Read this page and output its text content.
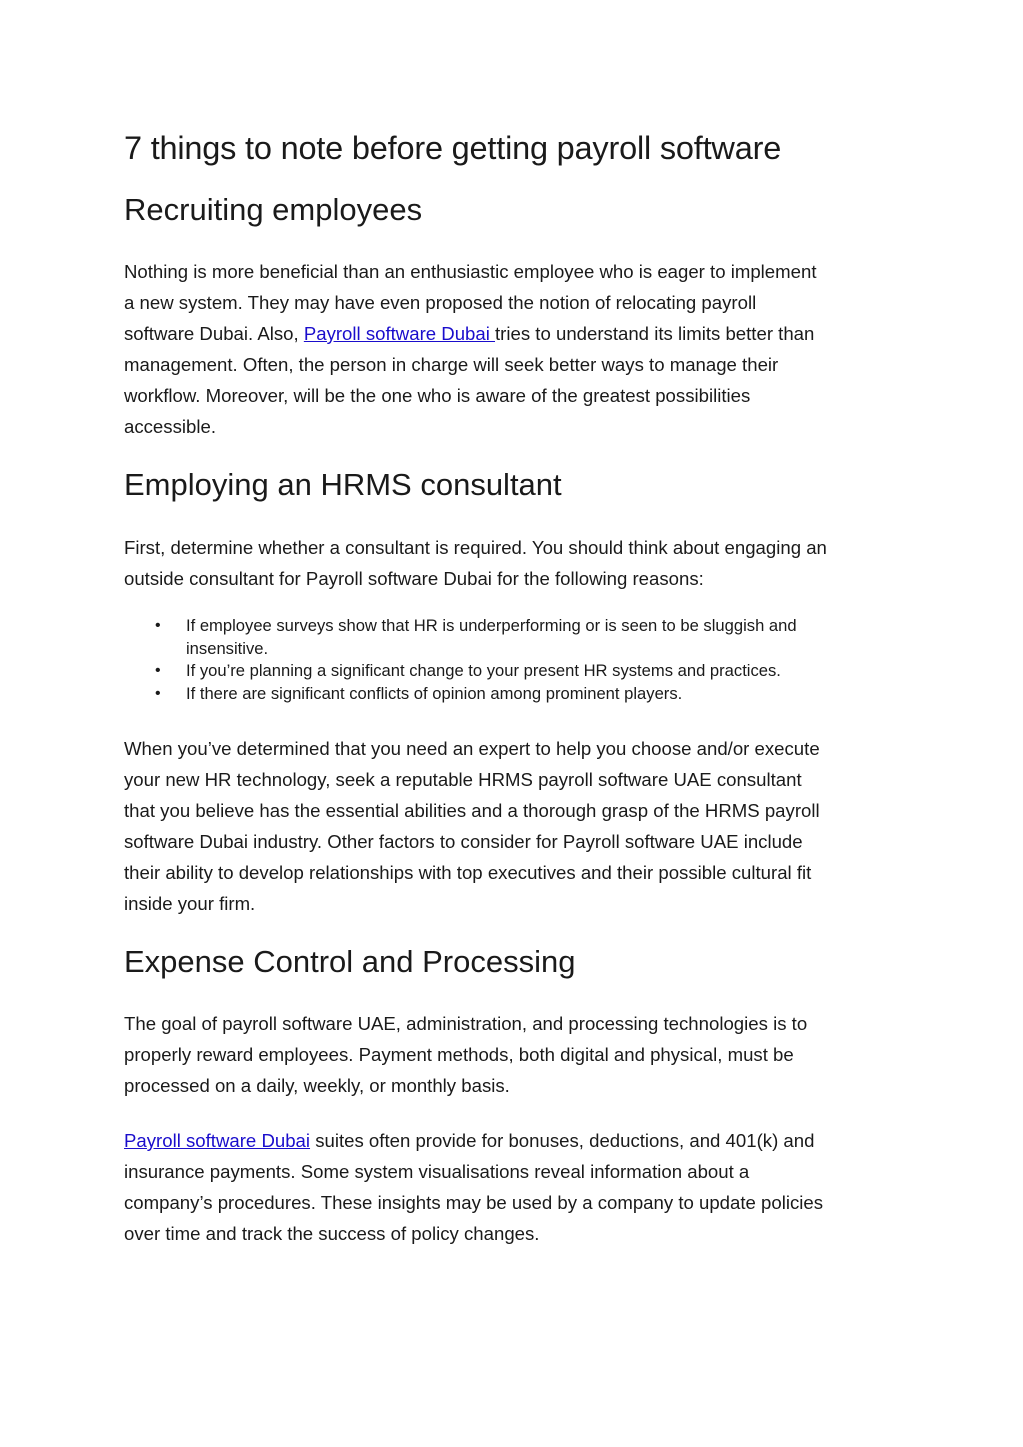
7 things to note before getting payroll software
Recruiting employees

Nothing is more beneficial than an enthusiastic employee who is eager to implement
a new system. They may have even proposed the notion of relocating payroll
software Dubai. Also, Payroll software Dubai tries to understand its limits better than
management. Often, the person in charge will seek better ways to manage their
workflow. Moreover, will be the one who is aware of the greatest possibilities
accessible.

Employing an HRMS consultant

First, determine whether a consultant is required. You should think about engaging an
outside consultant for Payroll software Dubai for the following reasons:

• If employee surveys show that HR is underperforming or is seen to be sluggish and
insensitive.
• If you’re planning a significant change to your present HR systems and practices.
• If there are significant conflicts of opinion among prominent players.

When you’ve determined that you need an expert to help you choose and/or execute
your new HR technology, seek a reputable HRMS payroll software UAE consultant
that you believe has the essential abilities and a thorough grasp of the HRMS payroll
software Dubai industry. Other factors to consider for Payroll software UAE include
their ability to develop relationships with top executives and their possible cultural fit
inside your firm.

Expense Control and Processing

The goal of payroll software UAE, administration, and processing technologies is to
properly reward employees. Payment methods, both digital and physical, must be
processed on a daily, weekly, or monthly basis.

Payroll software Dubai suites often provide for bonuses, deductions, and 401(k) and
insurance payments. Some system visualisations reveal information about a
company’s procedures. These insights may be used by a company to update policies
over time and track the success of policy changes.
